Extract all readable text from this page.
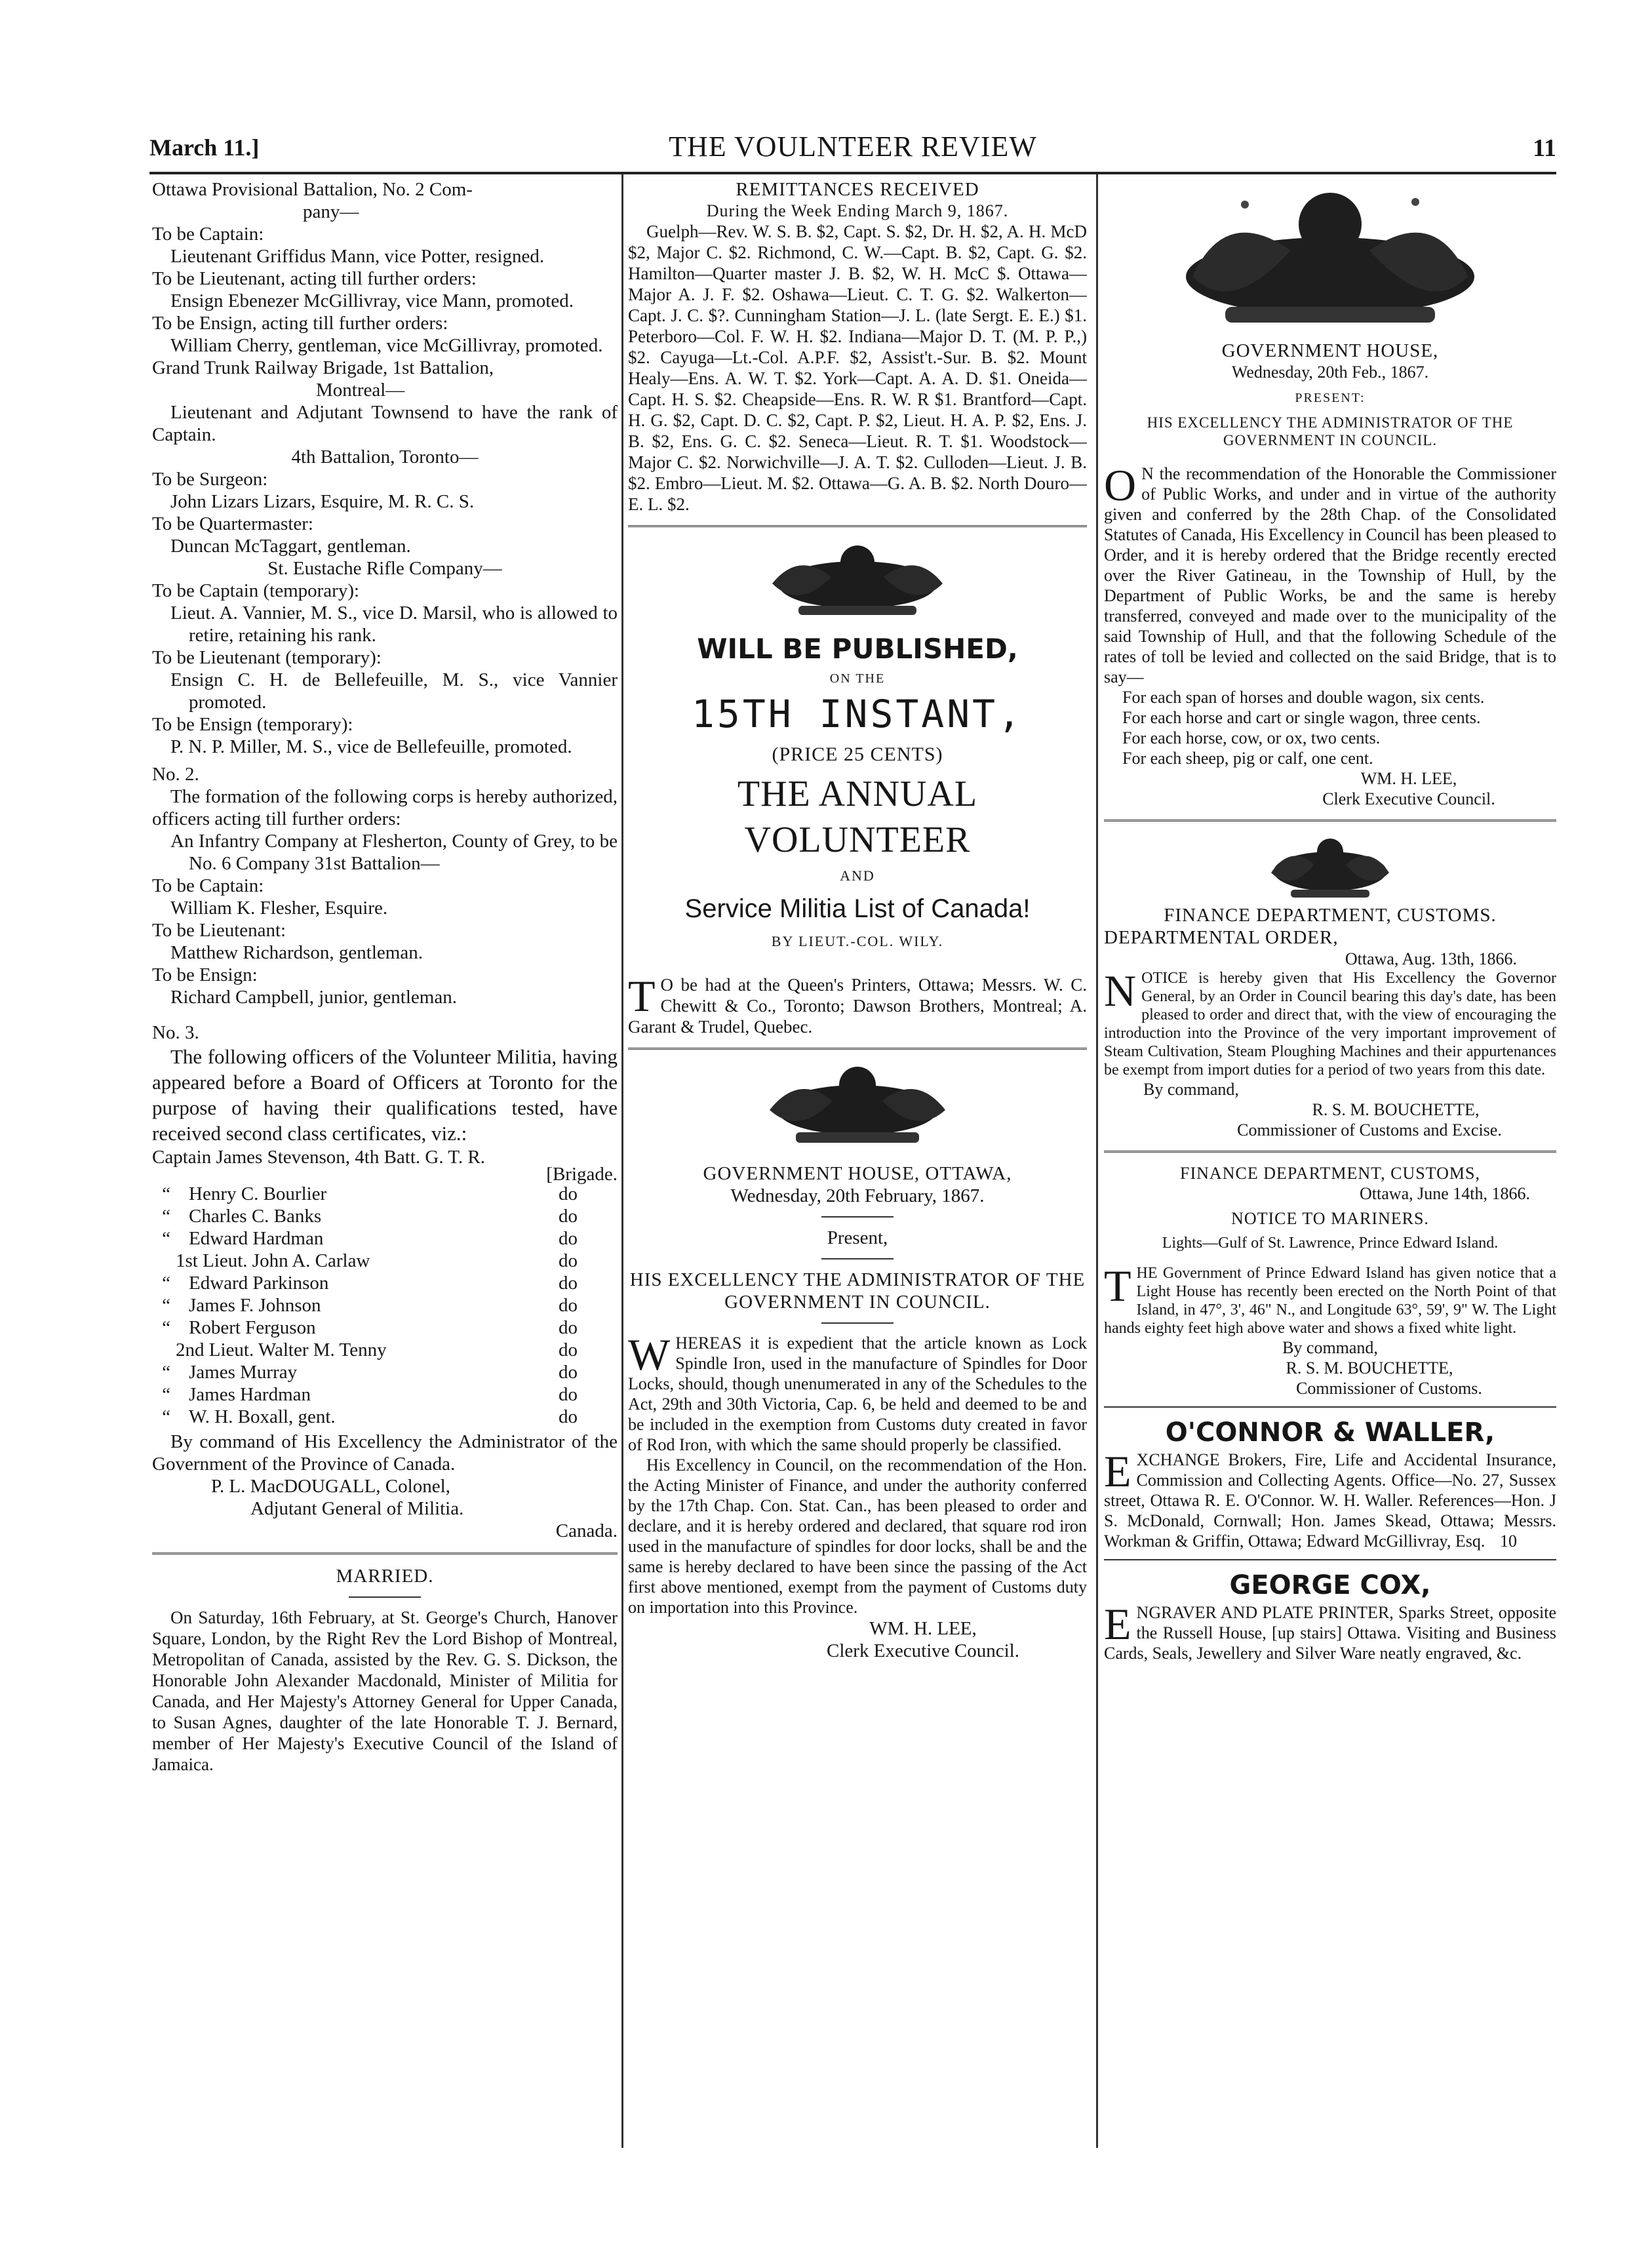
March 11.]	THE VOULNTEER REVIEW	11

Ottawa Provisional Battalion, No. 2 Com-

pany—

To be Captain:

Lieutenant Griffidus Mann, vice Potter, resigned.

To be Lieutenant, acting till further orders:

Ensign Ebenezer McGillivray, vice Mann, promoted.

To be Ensign, acting till further orders:

William Cherry, gentleman, vice McGillivray, promoted.

Grand Trunk Railway Brigade, 1st Battalion,

Montreal—

Lieutenant and Adjutant Townsend to have the rank of Captain.

4th Battalion, Toronto—

To be Surgeon:

John Lizars Lizars, Esquire, M. R. C. S.

To be Quartermaster:

Duncan McTaggart, gentleman.

St. Eustache Rifle Company—

To be Captain (temporary):

Lieut. A. Vannier, M. S., vice D. Marsil, who is allowed to retire, retaining his rank.

To be Lieutenant (temporary):

Ensign C. H. de Bellefeuille, M. S., vice Vannier promoted.

To be Ensign (temporary):

P. N. P. Miller, M. S., vice de Bellefeuille, promoted.

No. 2.

The formation of the following corps is hereby authorized, officers acting till further orders:

An Infantry Company at Flesherton, County of Grey, to be No. 6 Company 31st Battalion—

To be Captain:

William K. Flesher, Esquire.

To be Lieutenant:

Matthew Richardson, gentleman.

To be Ensign:

Richard Campbell, junior, gentleman.

No. 3.

The following officers of the Volunteer Militia, having appeared before a Board of Officers at Toronto for the purpose of having their qualifications tested, have received second class certificates, viz.:

Captain James Stevenson, 4th Batt. G. T. R.

[Brigade.

“ Henry C. Bourlier	do
“ Charles C. Banks	do
“ Edward Hardman	do
1st Lieut. John A. Carlaw	do
“ Edward Parkinson	do
“ James F. Johnson	do
“ Robert Ferguson	do
2nd Lieut. Walter M. Tenny	do
“ James Murray	do
“ James Hardman	do
“ W. H. Boxall, gent.	do

By command of His Excellency the Administrator of the Government of the Province of Canada.

P. L. MacDOUGALL, Colonel,

Adjutant General of Militia.

Canada.

MARRIED.

On Saturday, 16th February, at St. George's Church, Hanover Square, London, by the Right Rev the Lord Bishop of Montreal, Metropolitan of Canada, assisted by the Rev. G. S. Dickson, the Honorable John Alexander Macdonald, Minister of Militia for Canada, and Her Majesty's Attorney General for Upper Canada, to Susan Agnes, daughter of the late Honorable T. J. Bernard, member of Her Majesty's Executive Council of the Island of Jamaica.

REMITTANCES RECEIVED

During the Week Ending March 9, 1867.

Guelph—Rev. W. S. B. $2, Capt. S. $2, Dr. H. $2, A. H. McD $2, Major C. $2. Richmond, C. W.—Capt. B. $2, Capt. G. $2. Hamilton—Quarter master J. B. $2, W. H. McC $. Ottawa—Major A. J. F. $2. Oshawa—Lieut. C. T. G. $2. Walkerton—Capt. J. C. $?. Cunningham Station—J. L. (late Sergt. E. E.) $1. Peterboro—Col. F. W. H. $2. Indiana—Major D. T. (M. P. P.,) $2. Cayuga—Lt.-Col. A.P.F. $2, Assist't.-Sur. B. $2. Mount Healy—Ens. A. W. T. $2. York—Capt. A. A. D. $1. Oneida—Capt. H. S. $2. Cheapside—Ens. R. W. R $1. Brantford—Capt. H. G. $2, Capt. D. C. $2, Capt. P. $2, Lieut. H. A. P. $2, Ens. J. B. $2, Ens. G. C. $2. Seneca—Lieut. R. T. $1. Woodstock—Major C. $2. Norwichville—J. A. T. $2. Culloden—Lieut. J. B. $2. Embro—Lieut. M. $2. Ottawa—G. A. B. $2. North Douro—E. L. $2.

WILL BE PUBLISHED,

ON THE

15TH INSTANT,

(PRICE 25 CENTS)

THE ANNUAL VOLUNTEER

AND

Service Militia List of Canada!

BY LIEUT.-COL. WILY.

T O be had at the Queen's Printers, Ottawa; Messrs. W. C. Chewitt & Co., Toronto; Dawson Brothers, Montreal; A. Garant & Trudel, Quebec.

GOVERNMENT HOUSE, OTTAWA,

Wednesday, 20th February, 1867.

Present,

HIS EXCELLENCY THE ADMINISTRATOR OF THE GOVERNMENT IN COUNCIL.

WHEREAS it is expedient that the article known as Lock Spindle Iron, used in the manufacture of Spindles for Door Locks, should, though unenumerated in any of the Schedules to the Act, 29th and 30th Victoria, Cap. 6, be held and deemed to be and be included in the exemption from Customs duty created in favor of Rod Iron, with which the same should properly be classified.

His Excellency in Council, on the recommendation of the Hon. the Acting Minister of Finance, and under the authority conferred by the 17th Chap. Con. Stat. Can., has been pleased to order and declare, and it is hereby ordered and declared, that square rod iron used in the manufacture of spindles for door locks, shall be and the same is hereby declared to have been since the passing of the Act first above mentioned, exempt from the payment of Customs duty on importation into this Province.

WM. H. LEE,

Clerk Executive Council.

GOVERNMENT HOUSE,

Wednesday, 20th Feb., 1867.

PRESENT:

HIS EXCELLENCY THE ADMINISTRATOR OF THE GOVERNMENT IN COUNCIL.

O N the recommendation of the Honorable the Commissioner of Public Works, and under and in virtue of the authority given and conferred by the 28th Chap. of the Consolidated Statutes of Canada, His Excellency in Council has been pleased to Order, and it is hereby ordered that the Bridge recently erected over the River Gatineau, in the Township of Hull, by the Department of Public Works, be and the same is hereby transferred, conveyed and made over to the municipality of the said Township of Hull, and that the following Schedule of the rates of toll be levied and collected on the said Bridge, that is to say—

For each span of horses and double wagon, six cents.

For each horse and cart or single wagon, three cents.

For each horse, cow, or ox, two cents.

For each sheep, pig or calf, one cent.

WM. H. LEE,

Clerk Executive Council.

FINANCE DEPARTMENT, CUSTOMS.

DEPARTMENTAL ORDER,

Ottawa, Aug. 13th, 1866.

NOTICE is hereby given that His Excellency the Governor General, by an Order in Council bearing this day's date, has been pleased to order and direct that, with the view of encouraging the introduction into the Province of the very important improvement of Steam Cultivation, Steam Ploughing Machines and their appurtenances be exempt from import duties for a period of two years from this date.

By command,

R. S. M. BOUCHETTE,

Commissioner of Customs and Excise.

FINANCE DEPARTMENT, CUSTOMS,

Ottawa, June 14th, 1866.

NOTICE TO MARINERS.

Lights—Gulf of St. Lawrence, Prince Edward Island.

THE Government of Prince Edward Island has given notice that a Light House has recently been erected on the North Point of that Island, in 47°, 3', 46" N., and Longitude 63°, 59', 9" W. The Light hands eighty feet high above water and shows a fixed white light.

By command,

R. S. M. BOUCHETTE,

Commissioner of Customs.

O'CONNOR & WALLER,

EXCHANGE Brokers, Fire, Life and Accidental Insurance, Commission and Collecting Agents. Office—No. 27, Sussex street, Ottawa R. E. O'Connor. W. H. Waller. References—Hon. J S. McDonald, Cornwall; Hon. James Skead, Ottawa; Messrs. Workman & Griffin, Ottawa; Edward McGillivray, Esq. 10

GEORGE COX,

ENGRAVER AND PLATE PRINTER, Sparks Street, opposite the Russell House, [up stairs] Ottawa. Visiting and Business Cards, Seals, Jewellery and Silver Ware neatly engraved, &c.
